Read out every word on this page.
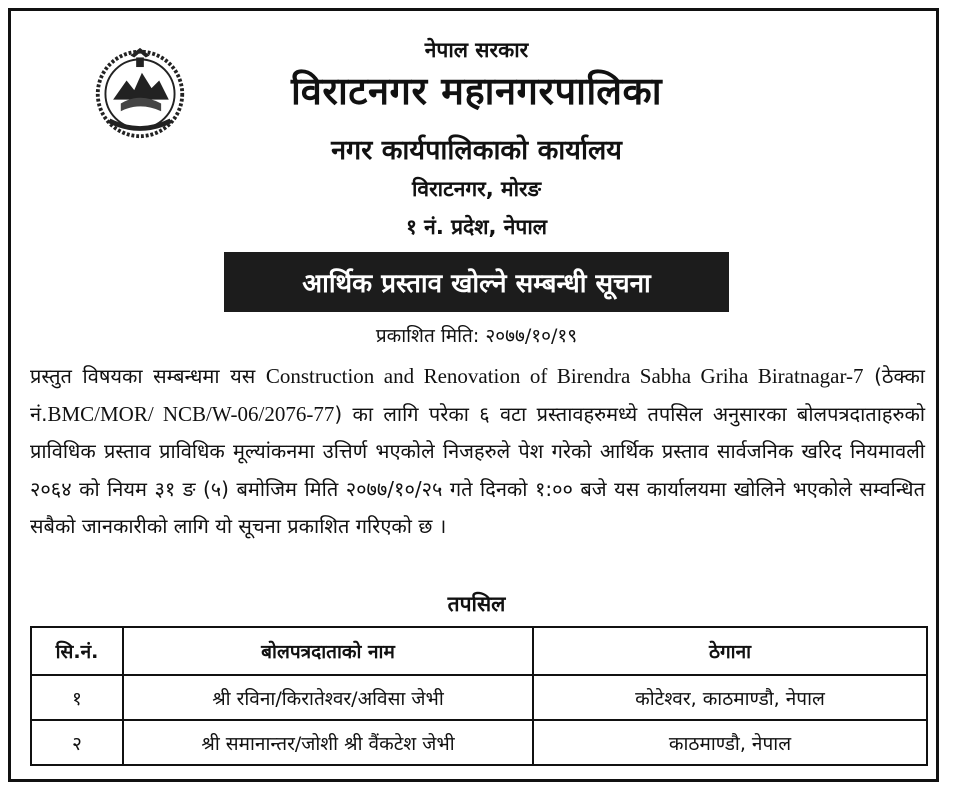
नेपाल सरकार
विराटनगर महानगरपालिका
नगर कार्यपालिकाको कार्यालय
विराटनगर, मोरङ
१ नं. प्रदेश, नेपाल
आर्थिक प्रस्ताव खोल्ने सम्बन्धी सूचना
प्रकाशित मिति: २०७७/१०/१९
प्रस्तुत विषयका सम्बन्धमा यस Construction and Renovation of Birendra Sabha Griha Biratnagar-7 (ठेक्का नं.BMC/MOR/ NCB/W-06/2076-77) का लागि परेका ६ वटा प्रस्तावहरुमध्ये तपसिल अनुसारका बोलपत्रदाताहरुको प्राविधिक प्रस्ताव प्राविधिक मूल्यांकनमा उत्तिर्ण भएकोले निजहरुले पेश गरेको आर्थिक प्रस्ताव सार्वजनिक खरिद नियमावली २०६४ को नियम ३१ ङ (५) बमोजिम मिति २०७७/१०/२५ गते दिनको १:०० बजे यस कार्यालयमा खोलिने भएकोले सम्वन्धित सबैको जानकारीको लागि यो सूचना प्रकाशित गरिएको छ ।
तपसिल
सि.नं.	बोलपत्रदाताको नाम	ठेगाना
१	श्री रविना/किरातेश्वर/अविसा जेभी	कोटेश्वर, काठमाण्डौ, नेपाल
२	श्री समानान्तर/जोशी श्री वैंकटेश जेभी	काठमाण्डौ, नेपाल
